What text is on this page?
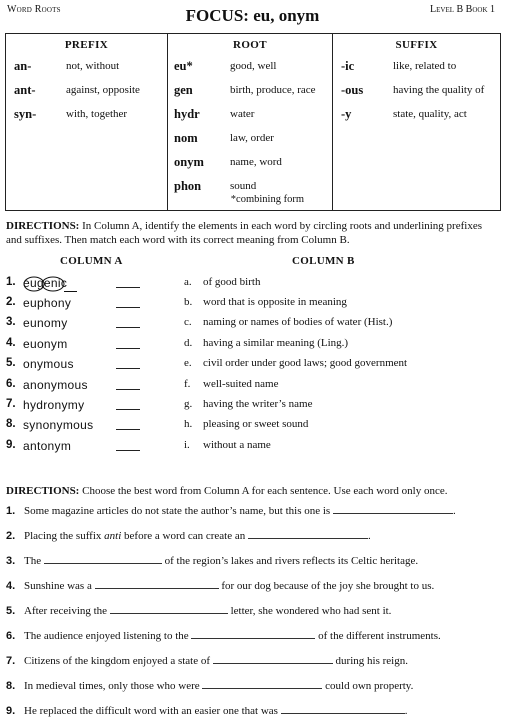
Word Roots	Level B Book 1
FOCUS: eu, onym
PREFIX
an-	not, without
ant-	against, opposite
syn-	with, together

ROOT
eu*	good, well
gen	birth, produce, race
hydr	water
nom	law, order
onym	name, word
phon	sound
*combining form

SUFFIX
-ic	like, related to
-ous	having the quality of
-y	state, quality, act
DIRECTIONS: In Column A, identify the elements in each word by circling roots and underlining prefixes and suffixes. Then match each word with its correct meaning from Column B.
COLUMN A	COLUMN B
1. eugenic	a. of good birth
2. euphony	b. word that is opposite in meaning
3. eunomy	c. naming or names of bodies of water (Hist.)
4. euonym	d. having a similar meaning (Ling.)
5. onymous	e. civil order under good laws; good government
6. anonymous	f. well-suited name
7. hydronymy	g. having the writer’s name
8. synonymous	h. pleasing or sweet sound
9. antonym	i. without a name
DIRECTIONS: Choose the best word from Column A for each sentence. Use each word only once.
1. Some magazine articles do not state the author’s name, but this one is	.
2. Placing the suffix anti before a word can create an	.
3. The	of the region’s lakes and rivers reflects its Celtic heritage.
4. Sunshine was a	for our dog because of the joy she brought to us.
5. After receiving the	letter, she wondered who had sent it.
6. The audience enjoyed listening to the	of the different instruments.
7. Citizens of the kingdom enjoyed a state of	during his reign.
8. In medieval times, only those who were	could own property.
9. He replaced the difficult word with an easier one that was	.
